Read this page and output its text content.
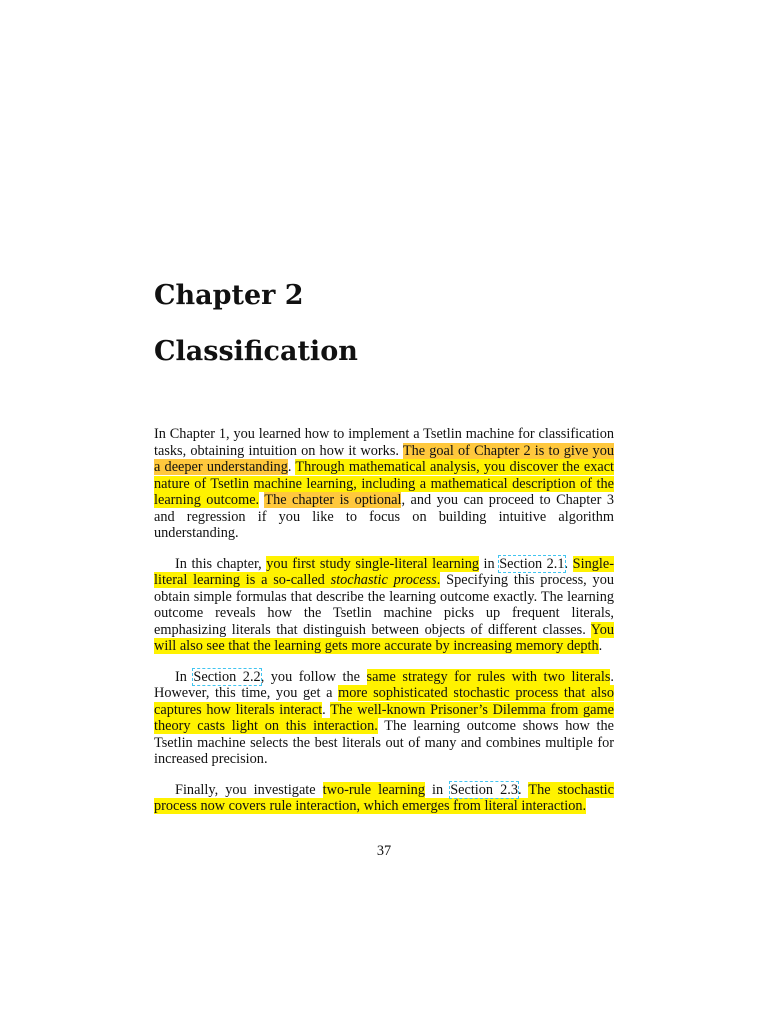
Chapter 2
Classification

In Chapter 1, you learned how to implement a Tsetlin machine for classification tasks, obtaining intuition on how it works. The goal of Chapter 2 is to give you a deeper understanding. Through mathematical analysis, you discover the exact nature of Tsetlin machine learning, including a mathematical description of the learning outcome. The chapter is optional, and you can proceed to Chapter 3 and regression if you like to focus on building intuitive algorithm understanding.

In this chapter, you first study single-literal learning in Section 2.1. Single-literal learning is a so-called stochastic process. Specifying this process, you obtain simple formulas that describe the learning outcome exactly. The learning outcome reveals how the Tsetlin machine picks up frequent literals, emphasizing literals that distinguish between objects of different classes. You will also see that the learning gets more accurate by increasing memory depth.

In Section 2.2, you follow the same strategy for rules with two literals. However, this time, you get a more sophisticated stochastic process that also captures how literals interact. The well-known Prisoner’s Dilemma from game theory casts light on this interaction. The learning outcome shows how the Tsetlin machine selects the best literals out of many and combines multiple for increased precision.

Finally, you investigate two-rule learning in Section 2.3. The stochastic process now covers rule interaction, which emerges from literal interaction.

37
